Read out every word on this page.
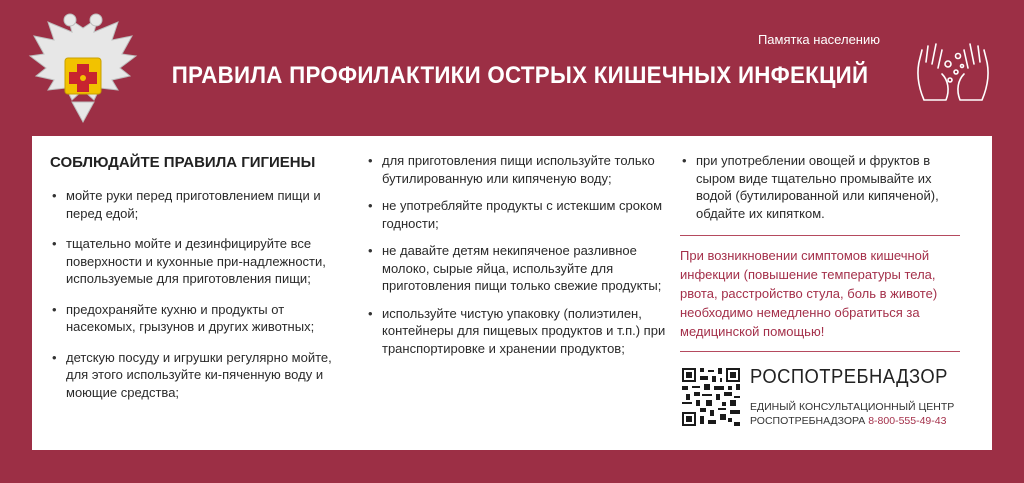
Памятка населению
ПРАВИЛА ПРОФИЛАКТИКИ ОСТРЫХ КИШЕЧНЫХ ИНФЕКЦИЙ
СОБЛЮДАЙТЕ ПРАВИЛА ГИГИЕНЫ
• мойте руки перед приготовлением пищи и перед едой;
• тщательно мойте и дезинфицируйте все поверхности и кухонные при-надлежности, используемые для приготовления пищи;
• предохраняйте кухню и продукты от насекомых, грызунов и других животных;
• детскую посуду и игрушки регулярно мойте, для этого используйте ки-пяченную воду и моющие средства;
• для приготовления пищи используйте только бутилированную или кипяченую воду;
• не употребляйте продукты с истекшим сроком годности;
• не давайте детям некипяченое разливное молоко, сырые яйца, используйте для приготовления пищи только свежие продукты;
• используйте чистую упаковку (полиэтилен, контейнеры для пищевых продуктов и т.п.) при транспортировке и хранении продуктов;
• при употреблении овощей и фруктов в сыром виде тщательно промывайте их водой (бутилированной или кипяченой), обдайте их кипятком.
При возникновении симптомов кишечной инфекции (повышение температуры тела, рвота, расстройство стула, боль в животе) необходимо немедленно обратиться за медицинской помощью!
РОСПОТРЕБНАДЗОР
ЕДИНЫЙ КОНСУЛЬТАЦИОННЫЙ ЦЕНТР
РОСПОТРЕБНАДЗОРА 8-800-555-49-43
